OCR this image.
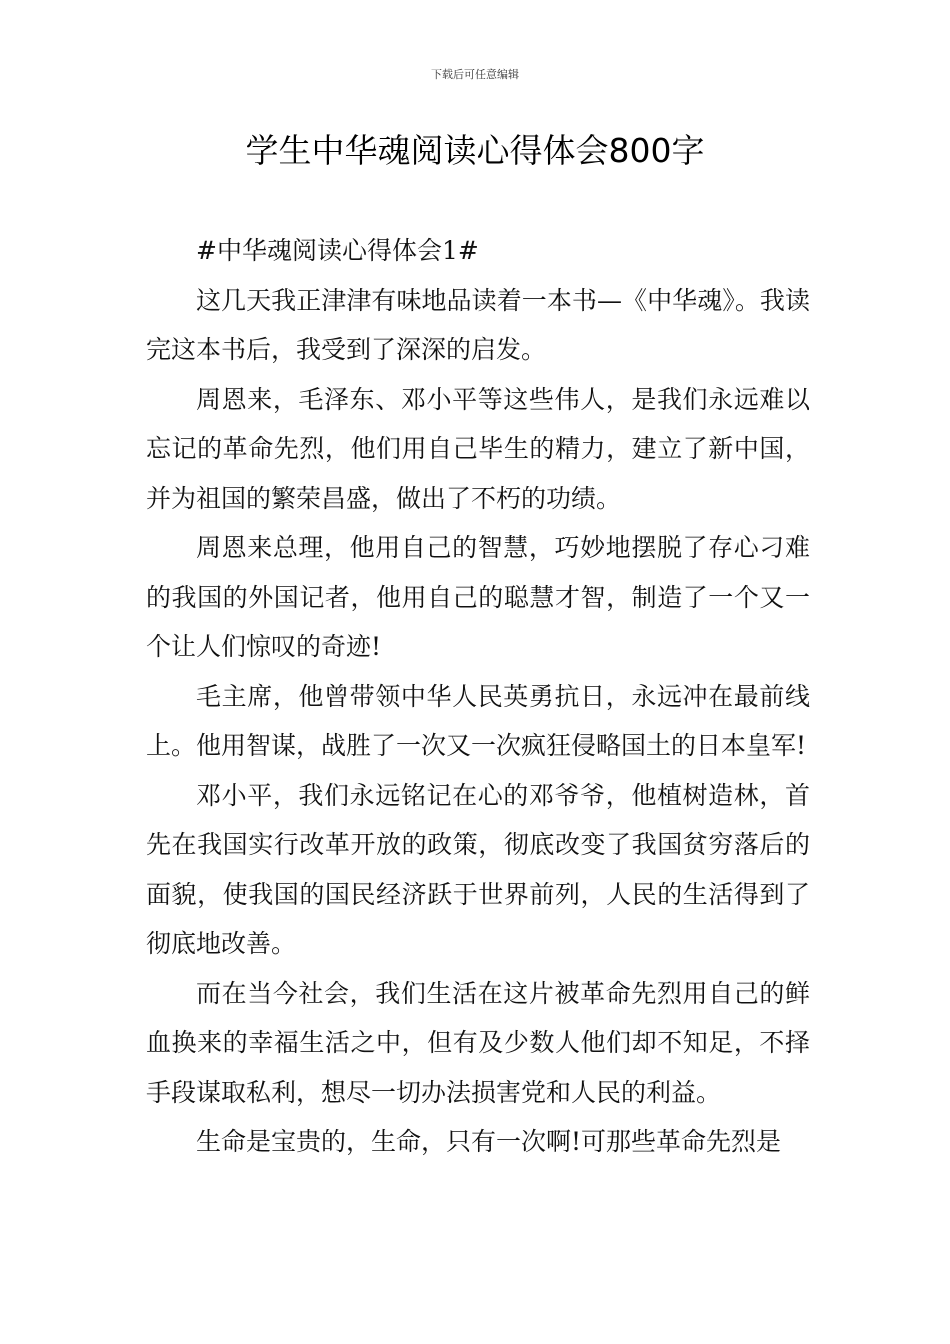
下载后可任意编辑
学生中华魂阅读心得体会800字

#中华魂阅读心得体会1#

这几天我正津津有味地品读着一本书—《中华魂》。我读完这本书后，我受到了深深的启发。

周恩来，毛泽东、邓小平等这些伟人，是我们永远难以忘记的革命先烈，他们用自己毕生的精力，建立了新中国，并为祖国的繁荣昌盛，做出了不朽的功绩。

周恩来总理，他用自己的智慧，巧妙地摆脱了存心刁难的我国的外国记者，他用自己的聪慧才智，制造了一个又一个让人们惊叹的奇迹!

毛主席，他曾带领中华人民英勇抗日，永远冲在最前线上。他用智谋，战胜了一次又一次疯狂侵略国土的日本皇军!

邓小平，我们永远铭记在心的邓爷爷，他植树造林，首先在我国实行改革开放的政策，彻底改变了我国贫穷落后的面貌，使我国的国民经济跃于世界前列，人民的生活得到了彻底地改善。

而在当今社会，我们生活在这片被革命先烈用自己的鲜血换来的幸福生活之中，但有及少数人他们却不知足，不择手段谋取私利，想尽一切办法损害党和人民的利益。

生命是宝贵的，生命，只有一次啊!可那些革命先烈是
